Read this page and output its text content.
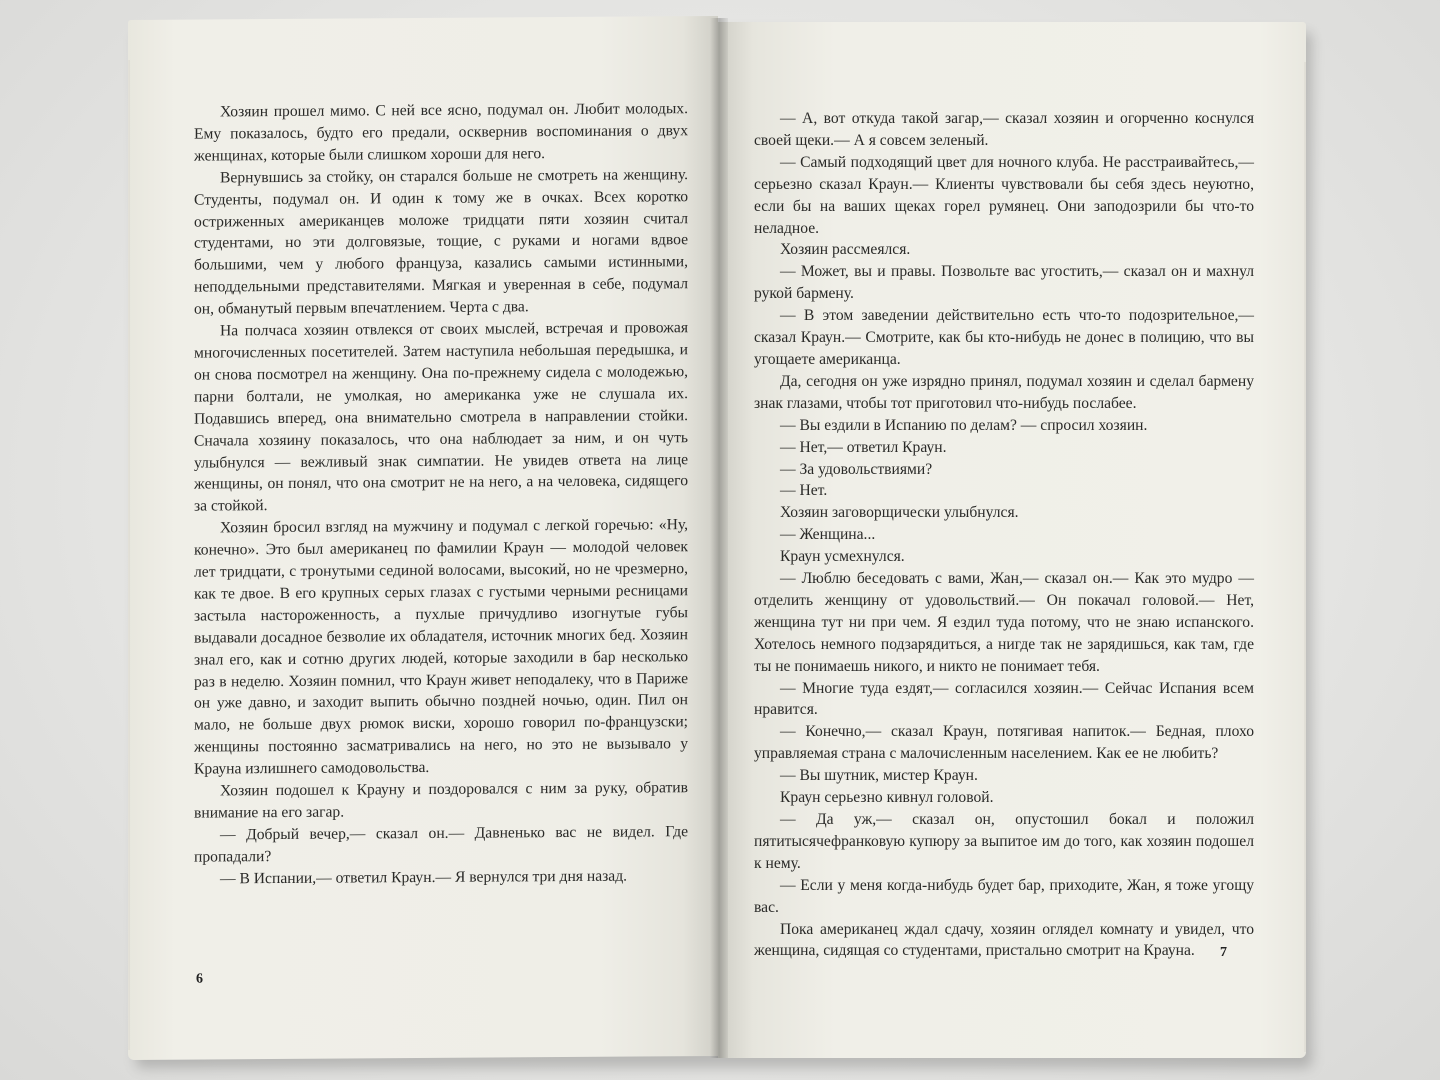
Хозяин прошел мимо. С ней все ясно, подумал он. Любит молодых. Ему показалось, будто его предали, осквернив воспоминания о двух женщинах, которые были слишком хороши для него.

Вернувшись за стойку, он старался больше не смотреть на женщину. Студенты, подумал он. И один к тому же в очках. Всех коротко остриженных американцев моложе тридцати пяти хозяин считал студентами, но эти долговязые, тощие, с руками и ногами вдвое большими, чем у любого француза, казались самыми истинными, неподдельными представителями. Мягкая и уверенная в себе, подумал он, обманутый первым впечатлением. Черта с два.

На полчаса хозяин отвлекся от своих мыслей, встречая и провожая многочисленных посетителей. Затем наступила небольшая передышка, и он снова посмотрел на женщину. Она по-прежнему сидела с молодежью, парни болтали, не умолкая, но американка уже не слушала их. Подавшись вперед, она внимательно смотрела в направлении стойки. Сначала хозяину показалось, что она наблюдает за ним, и он чуть улыбнулся — вежливый знак симпатии. Не увидев ответа на лице женщины, он понял, что она смотрит не на него, а на человека, сидящего за стойкой.

Хозяин бросил взгляд на мужчину и подумал с легкой горечью: «Ну, конечно». Это был американец по фамилии Краун — молодой человек лет тридцати, с тронутыми сединой волосами, высокий, но не чрезмерно, как те двое. В его крупных серых глазах с густыми черными ресницами застыла настороженность, а пухлые причудливо изогнутые губы выдавали досадное безволие их обладателя, источник многих бед. Хозяин знал его, как и сотню других людей, которые заходили в бар несколько раз в неделю. Хозяин помнил, что Краун живет неподалеку, что в Париже он уже давно, и заходит выпить обычно поздней ночью, один. Пил он мало, не больше двух рюмок виски, хорошо говорил по-французски; женщины постоянно засматривались на него, но это не вызывало у Крауна излишнего самодовольства.

Хозяин подошел к Крауну и поздоровался с ним за руку, обратив внимание на его загар.

— Добрый вечер,— сказал он.— Давненько вас не видел. Где пропадали?

— В Испании,— ответил Краун.— Я вернулся три дня назад.

6

— А, вот откуда такой загар,— сказал хозяин и огорченно коснулся своей щеки.— А я совсем зеленый.

— Самый подходящий цвет для ночного клуба. Не расстраивайтесь,— серьезно сказал Краун.— Клиенты чувствовали бы себя здесь неуютно, если бы на ваших щеках горел румянец. Они заподозрили бы что-то неладное.

Хозяин рассмеялся.

— Может, вы и правы. Позвольте вас угостить,— сказал он и махнул рукой бармену.

— В этом заведении действительно есть что-то подозрительное,— сказал Краун.— Смотрите, как бы кто-нибудь не донес в полицию, что вы угощаете американца.

Да, сегодня он уже изрядно принял, подумал хозяин и сделал бармену знак глазами, чтобы тот приготовил что-нибудь послабее.

— Вы ездили в Испанию по делам? — спросил хозяин.

— Нет,— ответил Краун.

— За удовольствиями?

— Нет.

Хозяин заговорщически улыбнулся.

— Женщина...

Краун усмехнулся.

— Люблю беседовать с вами, Жан,— сказал он.— Как это мудро — отделить женщину от удовольствий.— Он покачал головой.— Нет, женщина тут ни при чем. Я ездил туда потому, что не знаю испанского. Хотелось немного подзарядиться, а нигде так не зарядишься, как там, где ты не понимаешь никого, и никто не понимает тебя.

— Многие туда ездят,— согласился хозяин.— Сейчас Испания всем нравится.

— Конечно,— сказал Краун, потягивая напиток.— Бедная, плохо управляемая страна с малочисленным населением. Как ее не любить?

— Вы шутник, мистер Краун.

Краун серьезно кивнул головой.

— Да уж,— сказал он, опустошил бокал и положил пятитысячефранковую купюру за выпитое им до того, как хозяин подошел к нему.

— Если у меня когда-нибудь будет бар, приходите, Жан, я тоже угощу вас.

Пока американец ждал сдачу, хозяин оглядел комнату и увидел, что женщина, сидящая со студентами, пристально смотрит на Крауна.	7
